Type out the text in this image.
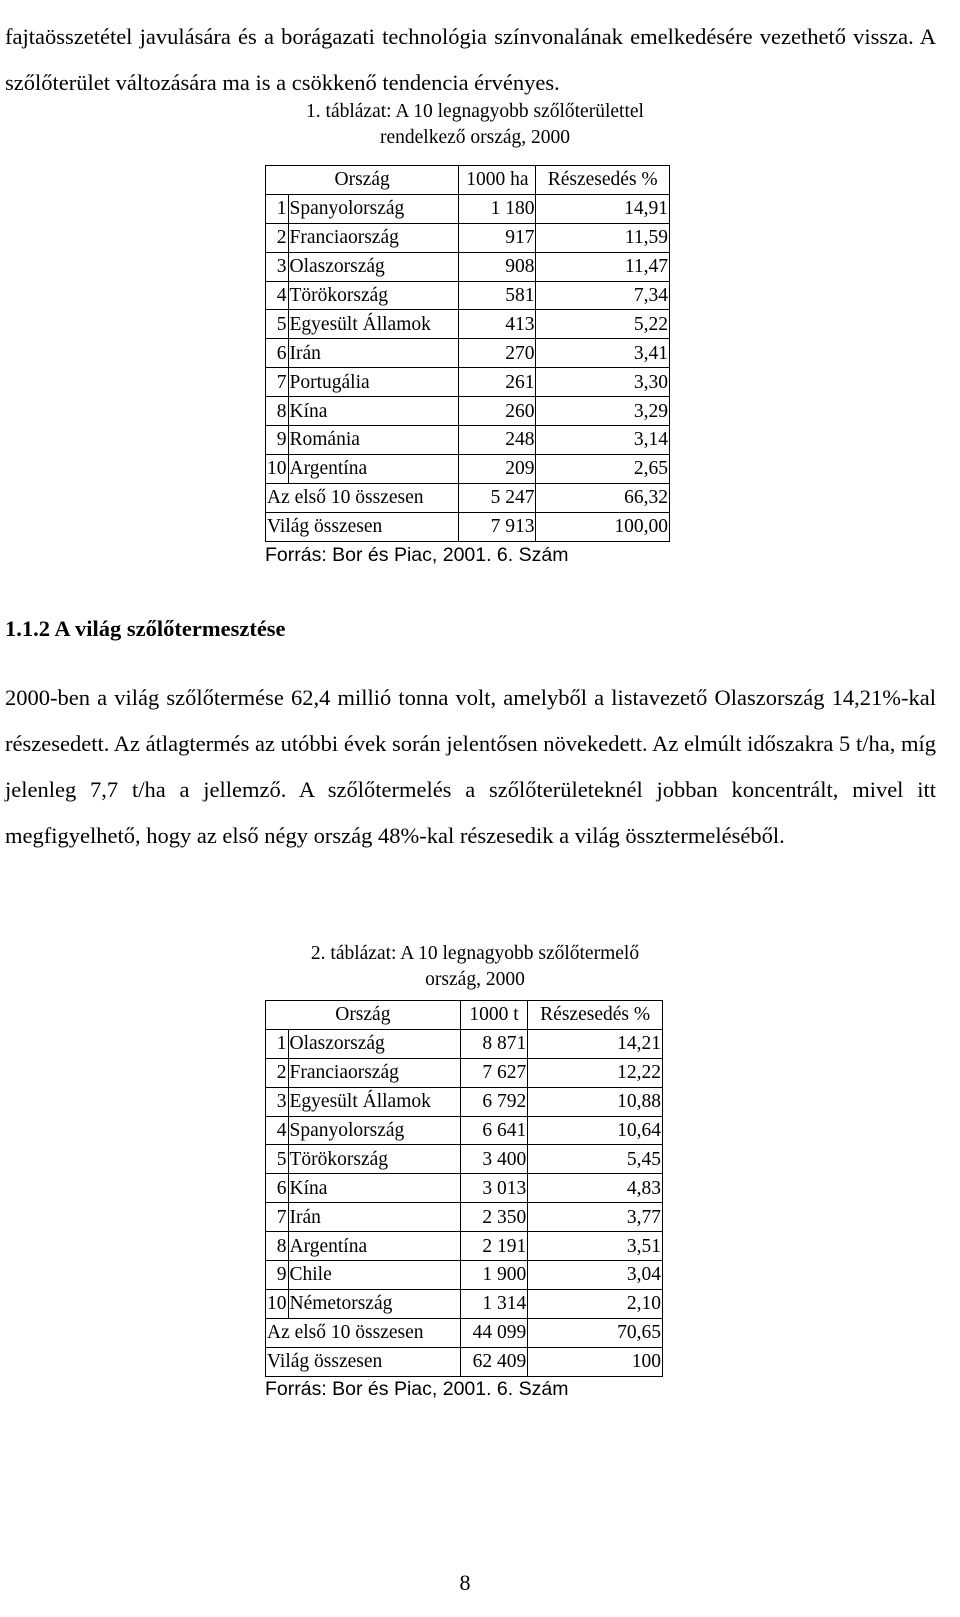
fajtaösszetétel javulására és a borágazati technológia színvonalának emelkedésére vezethető vissza. A szőlőterület változására ma is a csökkenő tendencia érvényes.

1. táblázat: A 10 legnagyobb szőlőterülettel
rendelkező ország, 2000
Ország		1000 ha	Részesedés %
1	Spanyolország	1 180	14,91
2	Franciaország	917	11,59
3	Olaszország	908	11,47
4	Törökország	581	7,34
5	Egyesült Államok	413	5,22
6	Irán	270	3,41
7	Portugália	261	3,30
8	Kína	260	3,29
9	Románia	248	3,14
10	Argentína	209	2,65
Az első 10 összesen		5 247	66,32
Világ összesen		7 913	100,00
Forrás: Bor és Piac, 2001. 6. Szám
1.1.2 A világ szőlőtermesztése

2000-ben a világ szőlőtermése 62,4 millió tonna volt, amelyből a listavezető Olaszország 14,21%-kal részesedett. Az átlagtermés az utóbbi évek során jelentősen növekedett. Az elmúlt időszakra 5 t/ha, míg jelenleg 7,7 t/ha a jellemző. A szőlőtermelés a szőlőterületeknél jobban koncentrált, mivel itt megfigyelhető, hogy az első négy ország 48%-kal részesedik a világ össztermeléséből.

2. táblázat: A 10 legnagyobb szőlőtermelő
ország, 2000
Ország		1000 t	Részesedés %
1	Olaszország	8 871	14,21
2	Franciaország	7 627	12,22
3	Egyesült Államok	6 792	10,88
4	Spanyolország	6 641	10,64
5	Törökország	3 400	5,45
6	Kína	3 013	4,83
7	Irán	2 350	3,77
8	Argentína	2 191	3,51
9	Chile	1 900	3,04
10	Németország	1 314	2,10
Az első 10 összesen		44 099	70,65
Világ összesen		62 409	100
Forrás: Bor és Piac, 2001. 6. Szám
8
